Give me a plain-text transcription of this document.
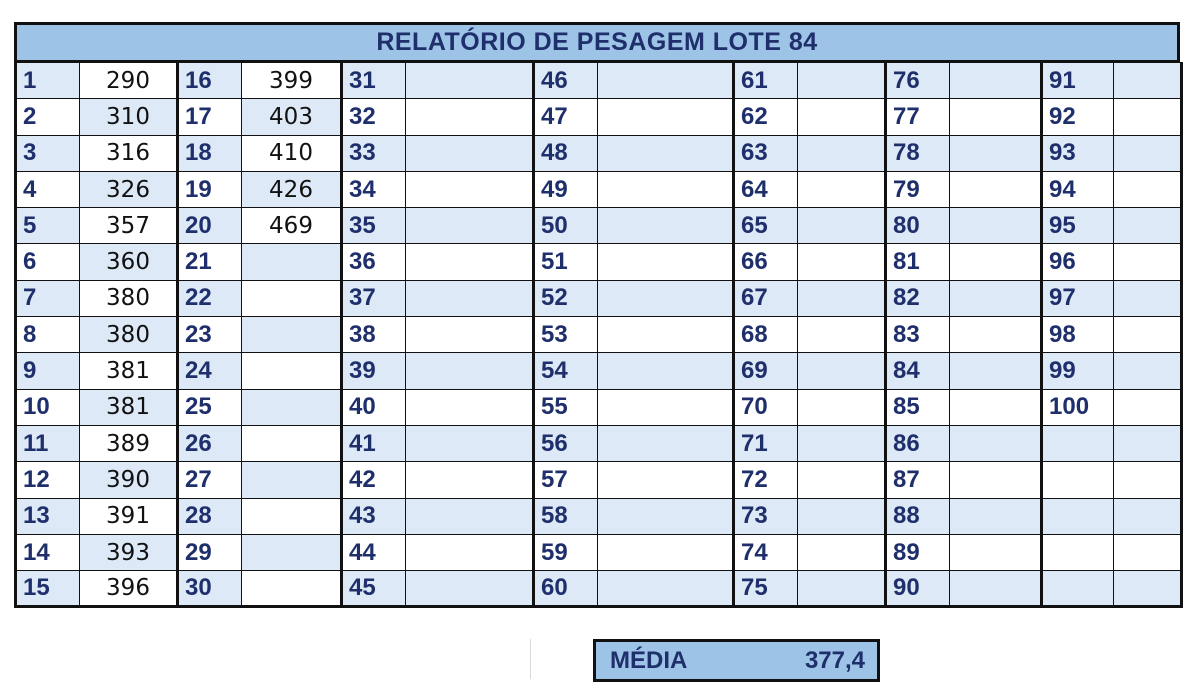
RELATÓRIO DE PESAGEM LOTE 84
1	290	16	399	31		46		61		76		91	
2	310	17	403	32		47		62		77		92	
3	316	18	410	33		48		63		78		93	
4	326	19	426	34		49		64		79		94	
5	357	20	469	35		50		65		80		95	
6	360	21		36		51		66		81		96	
7	380	22		37		52		67		82		97	
8	380	23		38		53		68		83		98	
9	381	24		39		54		69		84		99	
10	381	25		40		55		70		85		100	
11	389	26		41		56		71		86			
12	390	27		42		57		72		87			
13	391	28		43		58		73		88			
14	393	29		44		59		74		89			
15	396	30		45		60		75		90			
MÉDIA	377,4
